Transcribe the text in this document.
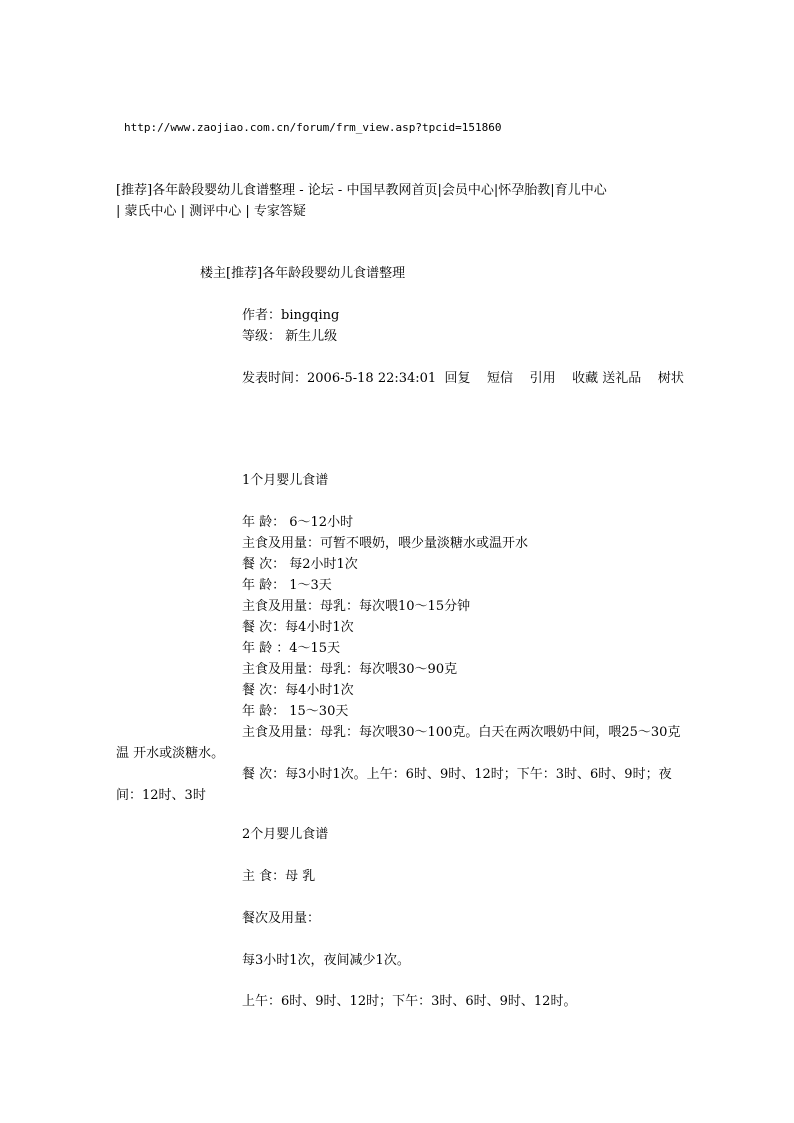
http://www.zaojiao.com.cn/forum/frm_view.asp?tpcid=151860
[推荐]各年龄段婴幼儿食谱整理 - 论坛 - 中国早教网首页|会员中心|怀孕胎教|育儿中心
| 蒙氏中心 | 测评中心 | 专家答疑
楼主[推荐]各年龄段婴幼儿食谱整理
作者：bingqing
等级： 新生儿级
发表时间：2006-5-18 22:34:01 回复 短信 引用 收藏 送礼品 树状
1个月婴儿食谱
年 龄： 6～12小时
主食及用量：可暂不喂奶，喂少量淡糖水或温开水
餐 次： 每2小时1次
年 龄： 1～3天
主食及用量：母乳：每次喂10～15分钟
餐 次：每4小时1次
年 龄 ：4～15天
主食及用量：母乳：每次喂30～90克
餐 次：每4小时1次
年 龄： 15～30天
主食及用量：母乳：每次喂30～100克。白天在两次喂奶中间，喂25～30克温 开水或淡糖水。
餐 次：每3小时1次。上午：6时、9时、12时；下午：3时、6时、9时；夜间：12时、3时
2个月婴儿食谱
主 食：母 乳
餐次及用量：
每3小时1次，夜间减少1次。
上午：6时、9时、12时；下午：3时、6时、9时、12时。
